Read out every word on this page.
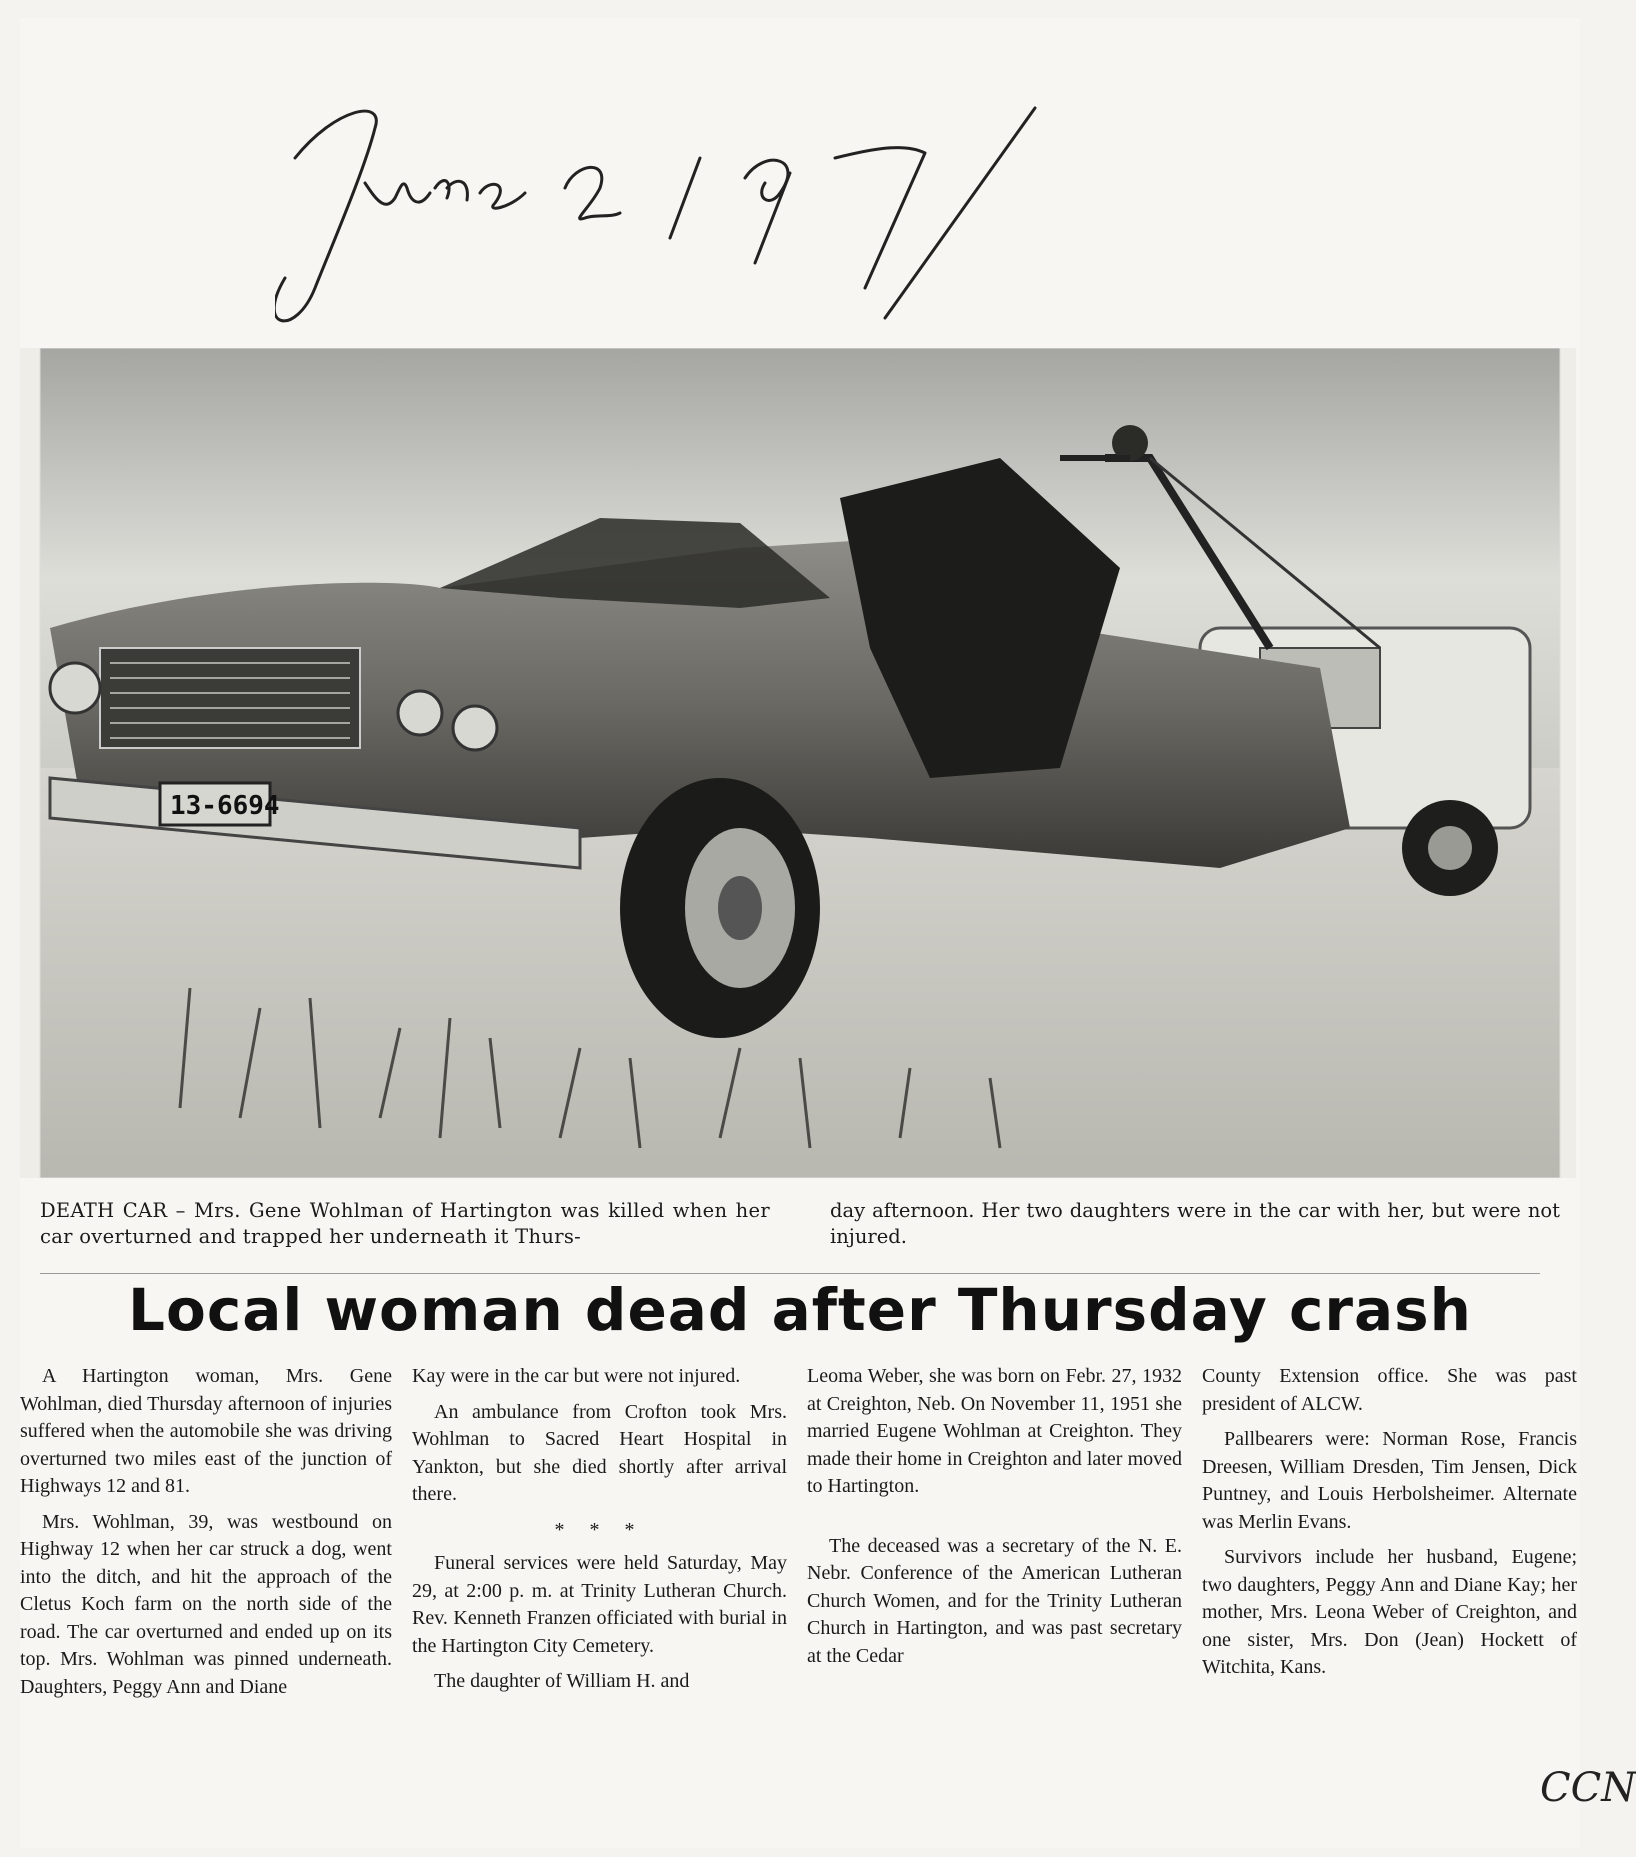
13-6694
DEATH CAR – Mrs. Gene Wohlman of Hartington was killed when her car overturned and trapped her underneath it Thurs-
day afternoon. Her two daughters were in the car with her, but were not injured.
Local woman dead after Thursday crash

A Hartington woman, Mrs. Gene Wohlman, died Thursday afternoon of injuries suffered when the automobile she was driving overturned two miles east of the junction of Highways 12 and 81.

Mrs. Wohlman, 39, was westbound on Highway 12 when her car struck a dog, went into the ditch, and hit the approach of the Cletus Koch farm on the north side of the road. The car overturned and ended up on its top. Mrs. Wohlman was pinned underneath. Daughters, Peggy Ann and Diane

Kay were in the car but were not injured.

An ambulance from Crofton took Mrs. Wohlman to Sacred Heart Hospital in Yankton, but she died shortly after arrival there.

* * *

Funeral services were held Saturday, May 29, at 2:00 p. m. at Trinity Lutheran Church. Rev. Kenneth Franzen officiated with burial in the Hartington City Cemetery.

The daughter of William H. and

Leoma Weber, she was born on Febr. 27, 1932 at Creighton, Neb. On November 11, 1951 she married Eugene Wohlman at Creighton. They made their home in Creighton and later moved to Hartington.

The deceased was a secretary of the N. E. Nebr. Conference of the American Lutheran Church Women, and for the Trinity Lutheran Church in Hartington, and was past secretary at the Cedar

County Extension office. She was past president of ALCW.

Pallbearers were: Norman Rose, Francis Dreesen, William Dresden, Tim Jensen, Dick Puntney, and Louis Herbolsheimer. Alternate was Merlin Evans.

Survivors include her husband, Eugene; two daughters, Peggy Ann and Diane Kay; her mother, Mrs. Leona Weber of Creighton, and one sister, Mrs. Don (Jean) Hockett of Witchita, Kans.

CCN
